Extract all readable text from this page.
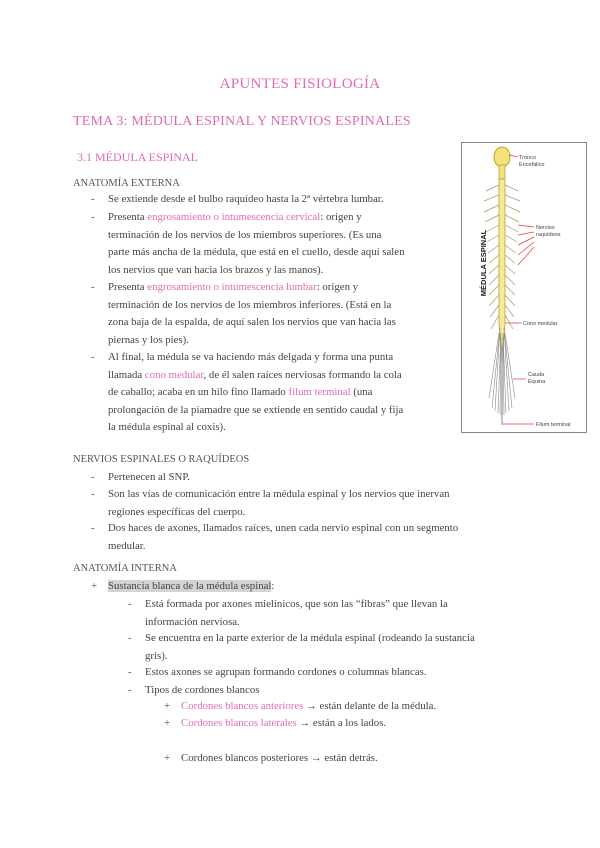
APUNTES FISIOLOGÍA
TEMA 3: MÉDULA ESPINAL Y NERVIOS ESPINALES
3.1 MÉDULA ESPINAL
ANATOMÍA EXTERNA
- Se extiende desde el bulbo raquídeo hasta la 2ª vértebra lumbar.
- Presenta engrosamiento o intumescencia cervical: origen y
terminación de los nervios de los miembros superiores. (Es una
parte más ancha de la médula, que está en el cuello, desde aquí salen
los nervios que van hacia los brazos y las manos).
- Presenta engrosamiento o intumescencia lumbar: origen y
terminación de los nervios de los miembros inferiores. (Está en la
zona baja de la espalda, de aquí salen los nervios que van hacia las
piernas y los pies).
- Al final, la médula se va haciendo más delgada y forma una punta
llamada cono medular, de él salen raíces nerviosas formando la cola
de caballo; acaba en un hilo fino llamado filum terminal (una
prolongación de la piamadre que se extiende en sentido caudal y fija
la médula espinal al coxis).
MÉDULA ESPINAL
Tronco
Encefálico
Nervios
raquídeos
Cono medular
Cauda
Equina
Filum terminal
NERVIOS ESPINALES O RAQUÍDEOS
- Pertenecen al SNP.
- Son las vías de comunicación entre la médula espinal y los nervios que inervan
regiones específicas del cuerpo.
- Dos haces de axones, llamados raíces, unen cada nervio espinal con un segmento
medular.
ANATOMÍA INTERNA
+ Sustancia blanca de la médula espinal:
- Está formada por axones mielínicos, que son las “fibras” que llevan la
información nerviosa.
- Se encuentra en la parte exterior de la médula espinal (rodeando la sustancia
gris).
- Estos axones se agrupan formando cordones o columnas blancas.
- Tipos de cordones blancos
+ Cordones blancos anteriores → están delante de la médula.
+ Cordones blancos laterales → están a los lados.
+ Cordones blancos posteriores → están detrás.
